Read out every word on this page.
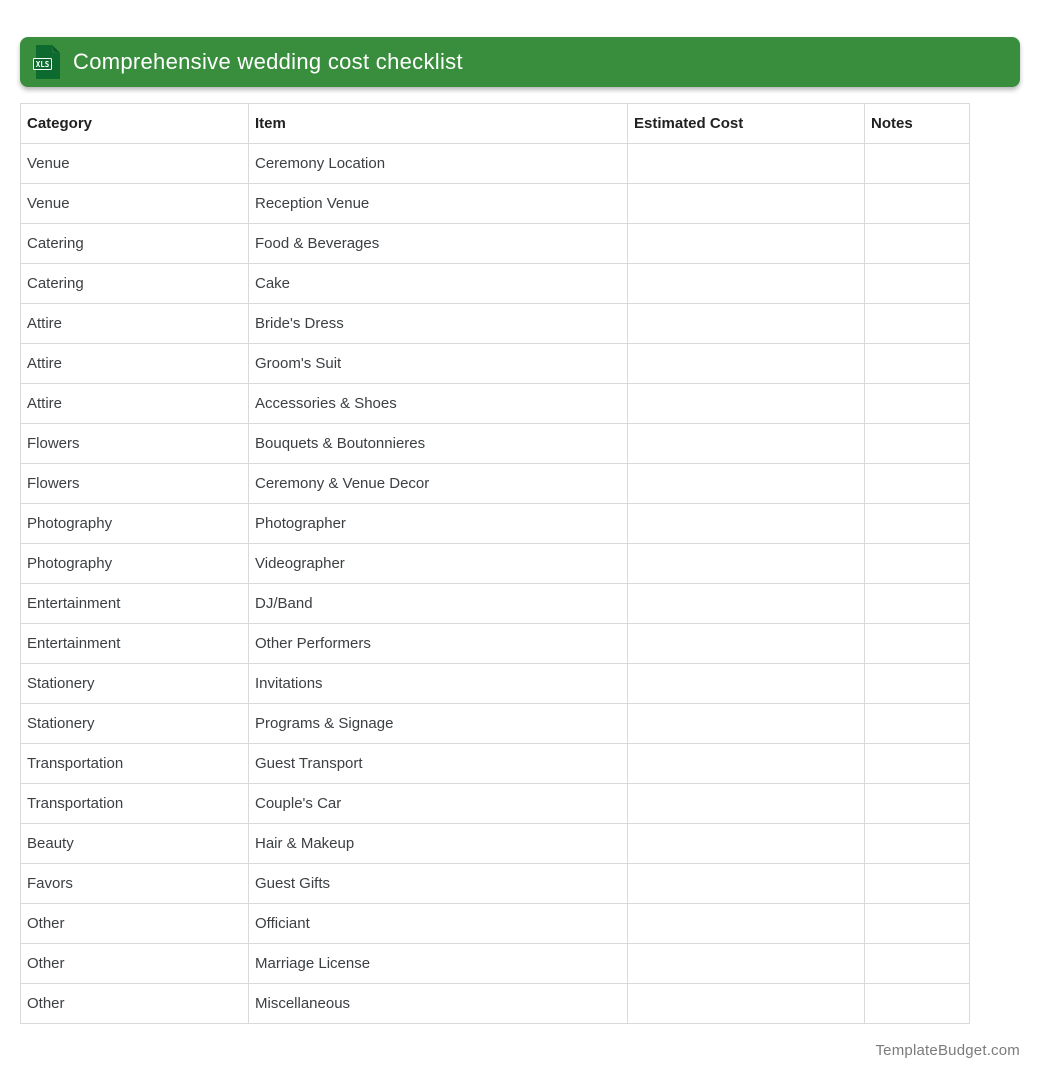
XLS Comprehensive wedding cost checklist
Category	Item	Estimated Cost	Notes
Venue	Ceremony Location		
Venue	Reception Venue		
Catering	Food & Beverages		
Catering	Cake		
Attire	Bride's Dress		
Attire	Groom's Suit		
Attire	Accessories & Shoes		
Flowers	Bouquets & Boutonnieres		
Flowers	Ceremony & Venue Decor		
Photography	Photographer		
Photography	Videographer		
Entertainment	DJ/Band		
Entertainment	Other Performers		
Stationery	Invitations		
Stationery	Programs & Signage		
Transportation	Guest Transport		
Transportation	Couple's Car		
Beauty	Hair & Makeup		
Favors	Guest Gifts		
Other	Officiant		
Other	Marriage License		
Other	Miscellaneous		
TemplateBudget.com
